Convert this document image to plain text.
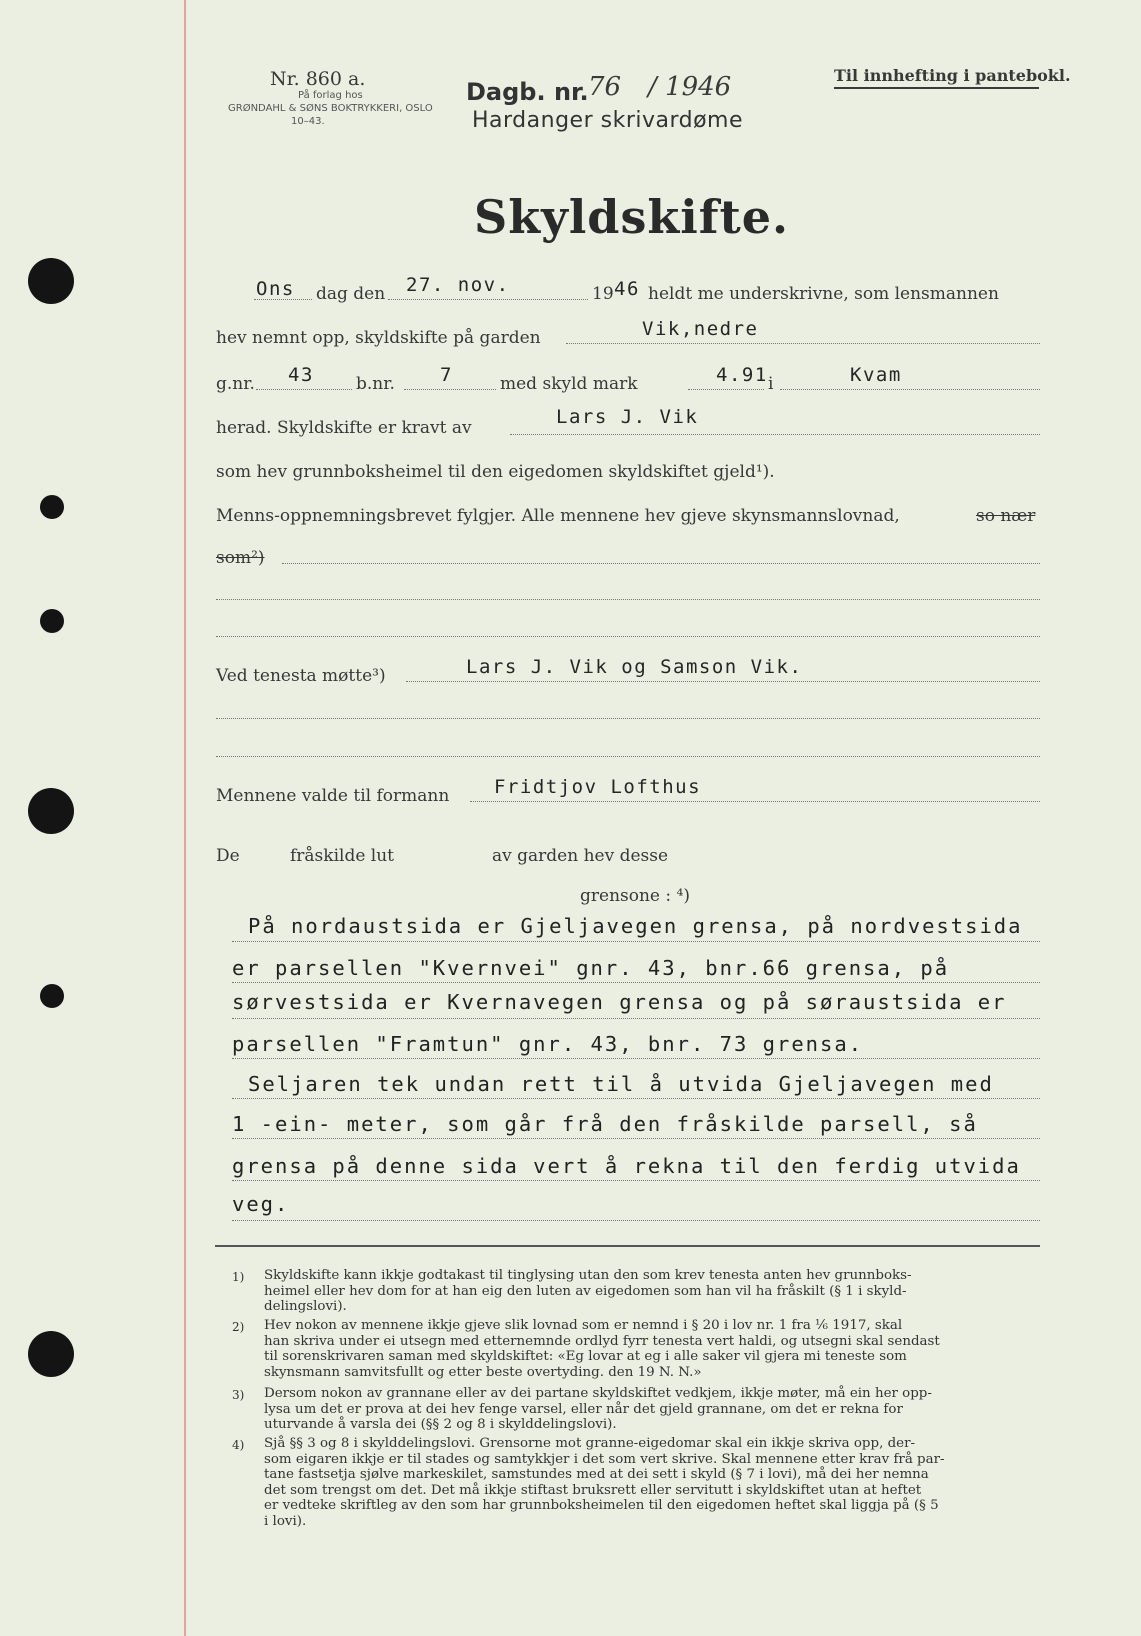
Nr. 860 a.
På forlag hos
GRØNDAHL & SØNS BOKTRYKKERI, OSLO
10–43.
Dagb. nr. 76 / 1946
Hardanger skrivardøme
Til innhefting i pantebokl.
Skyldskifte.
Ons dag den 27. nov.	19 46 heldt me underskrivne, som lensmannen
hev nemnt opp, skyldskifte på garden	Vik,nedre
g.nr. 43 b.nr. 7	med skyld mark	4.91 i	Kvam
herad. Skyldskifte er kravt av	Lars J. Vik
som hev grunnboksheimel til den eigedomen skyldskiftet gjeld¹).
Menns-oppnemningsbrevet fylgjer. Alle mennene hev gjeve skynsmannslovnad,	so nær
som²)
Ved tenesta møtte³)	Lars J. Vik og Samson Vik.
Mennene valde til formann Fridtjov Lofthus
De	fråskilde lut	av garden hev desse
grensone : ⁴)
På nordaustsida er Gjeljavegen grensa, på nordvestsida
er parsellen "Kvernvei" gnr. 43, bnr.66 grensa, på
sørvestsida er Kvernavegen grensa og på søraustsida er
parsellen "Framtun" gnr. 43, bnr. 73 grensa.
Seljaren tek undan rett til å utvida Gjeljavegen med
1 -ein- meter, som går frå den fråskilde parsell, så
grensa på denne sida vert å rekna til den ferdig utvida
veg.
1) Skyldskifte kann ikkje godtakast til tinglysing utan den som krev tenesta anten hev grunnboks-
heimel eller hev dom for at han eig den luten av eigedomen som han vil ha fråskilt (§ 1 i skyld-
delingslovi).
2) Hev nokon av mennene ikkje gjeve slik lovnad som er nemnd i § 20 i lov nr. 1 fra ¹⁄₆ 1917, skal
han skriva under ei utsegn med etternemnde ordlyd fyrr tenesta vert haldi, og utsegni skal sendast
til sorenskrivaren saman med skyldskiftet: «Eg lovar at eg i alle saker vil gjera mi teneste som
skynsmann samvitsfullt og etter beste overtyding. den 19 N. N.»
3) Dersom nokon av grannane eller av dei partane skyldskiftet vedkjem, ikkje møter, må ein her opp-
lysa um det er prova at dei hev fenge varsel, eller når det gjeld grannane, om det er rekna for
uturvande å varsla dei (§§ 2 og 8 i skylddelingslovi).
4) Sjå §§ 3 og 8 i skylddelingslovi. Grensorne mot granne-eigedomar skal ein ikkje skriva opp, der-
som eigaren ikkje er til stades og samtykkjer i det som vert skrive. Skal mennene etter krav frå par-
tane fastsetja sjølve markeskilet, samstundes med at dei sett i skyld (§ 7 i lovi), må dei her nemna
det som trengst om det. Det må ikkje stiftast bruksrett eller servitutt i skyldskiftet utan at heftet
er vedteke skriftleg av den som har grunnboksheimelen til den eigedomen heftet skal liggja på (§ 5
i lovi).
